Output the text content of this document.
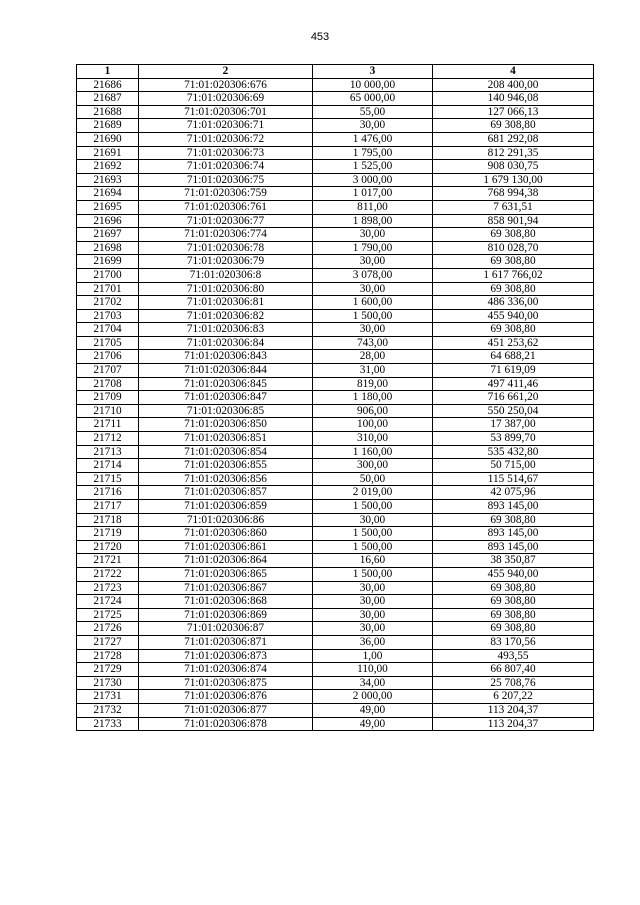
453
1	2	3	4
21686	71:01:020306:676	10 000,00	208 400,00
21687	71:01:020306:69	65 000,00	140 946,08
21688	71:01:020306:701	55,00	127 066,13
21689	71:01:020306:71	30,00	69 308,80
21690	71:01:020306:72	1 476,00	681 292,08
21691	71:01:020306:73	1 795,00	812 291,35
21692	71:01:020306:74	1 525,00	908 030,75
21693	71:01:020306:75	3 000,00	1 679 130,00
21694	71:01:020306:759	1 017,00	768 994,38
21695	71:01:020306:761	811,00	7 631,51
21696	71:01:020306:77	1 898,00	858 901,94
21697	71:01:020306:774	30,00	69 308,80
21698	71:01:020306:78	1 790,00	810 028,70
21699	71:01:020306:79	30,00	69 308,80
21700	71:01:020306:8	3 078,00	1 617 766,02
21701	71:01:020306:80	30,00	69 308,80
21702	71:01:020306:81	1 600,00	486 336,00
21703	71:01:020306:82	1 500,00	455 940,00
21704	71:01:020306:83	30,00	69 308,80
21705	71:01:020306:84	743,00	451 253,62
21706	71:01:020306:843	28,00	64 688,21
21707	71:01:020306:844	31,00	71 619,09
21708	71:01:020306:845	819,00	497 411,46
21709	71:01:020306:847	1 180,00	716 661,20
21710	71:01:020306:85	906,00	550 250,04
21711	71:01:020306:850	100,00	17 387,00
21712	71:01:020306:851	310,00	53 899,70
21713	71:01:020306:854	1 160,00	535 432,80
21714	71:01:020306:855	300,00	50 715,00
21715	71:01:020306:856	50,00	115 514,67
21716	71:01:020306:857	2 019,00	42 075,96
21717	71:01:020306:859	1 500,00	893 145,00
21718	71:01:020306:86	30,00	69 308,80
21719	71:01:020306:860	1 500,00	893 145,00
21720	71:01:020306:861	1 500,00	893 145,00
21721	71:01:020306:864	16,60	38 350,87
21722	71:01:020306:865	1 500,00	455 940,00
21723	71:01:020306:867	30,00	69 308,80
21724	71:01:020306:868	30,00	69 308,80
21725	71:01:020306:869	30,00	69 308,80
21726	71:01:020306:87	30,00	69 308,80
21727	71:01:020306:871	36,00	83 170,56
21728	71:01:020306:873	1,00	493,55
21729	71:01:020306:874	110,00	66 807,40
21730	71:01:020306:875	34,00	25 708,76
21731	71:01:020306:876	2 000,00	6 207,22
21732	71:01:020306:877	49,00	113 204,37
21733	71:01:020306:878	49,00	113 204,37
